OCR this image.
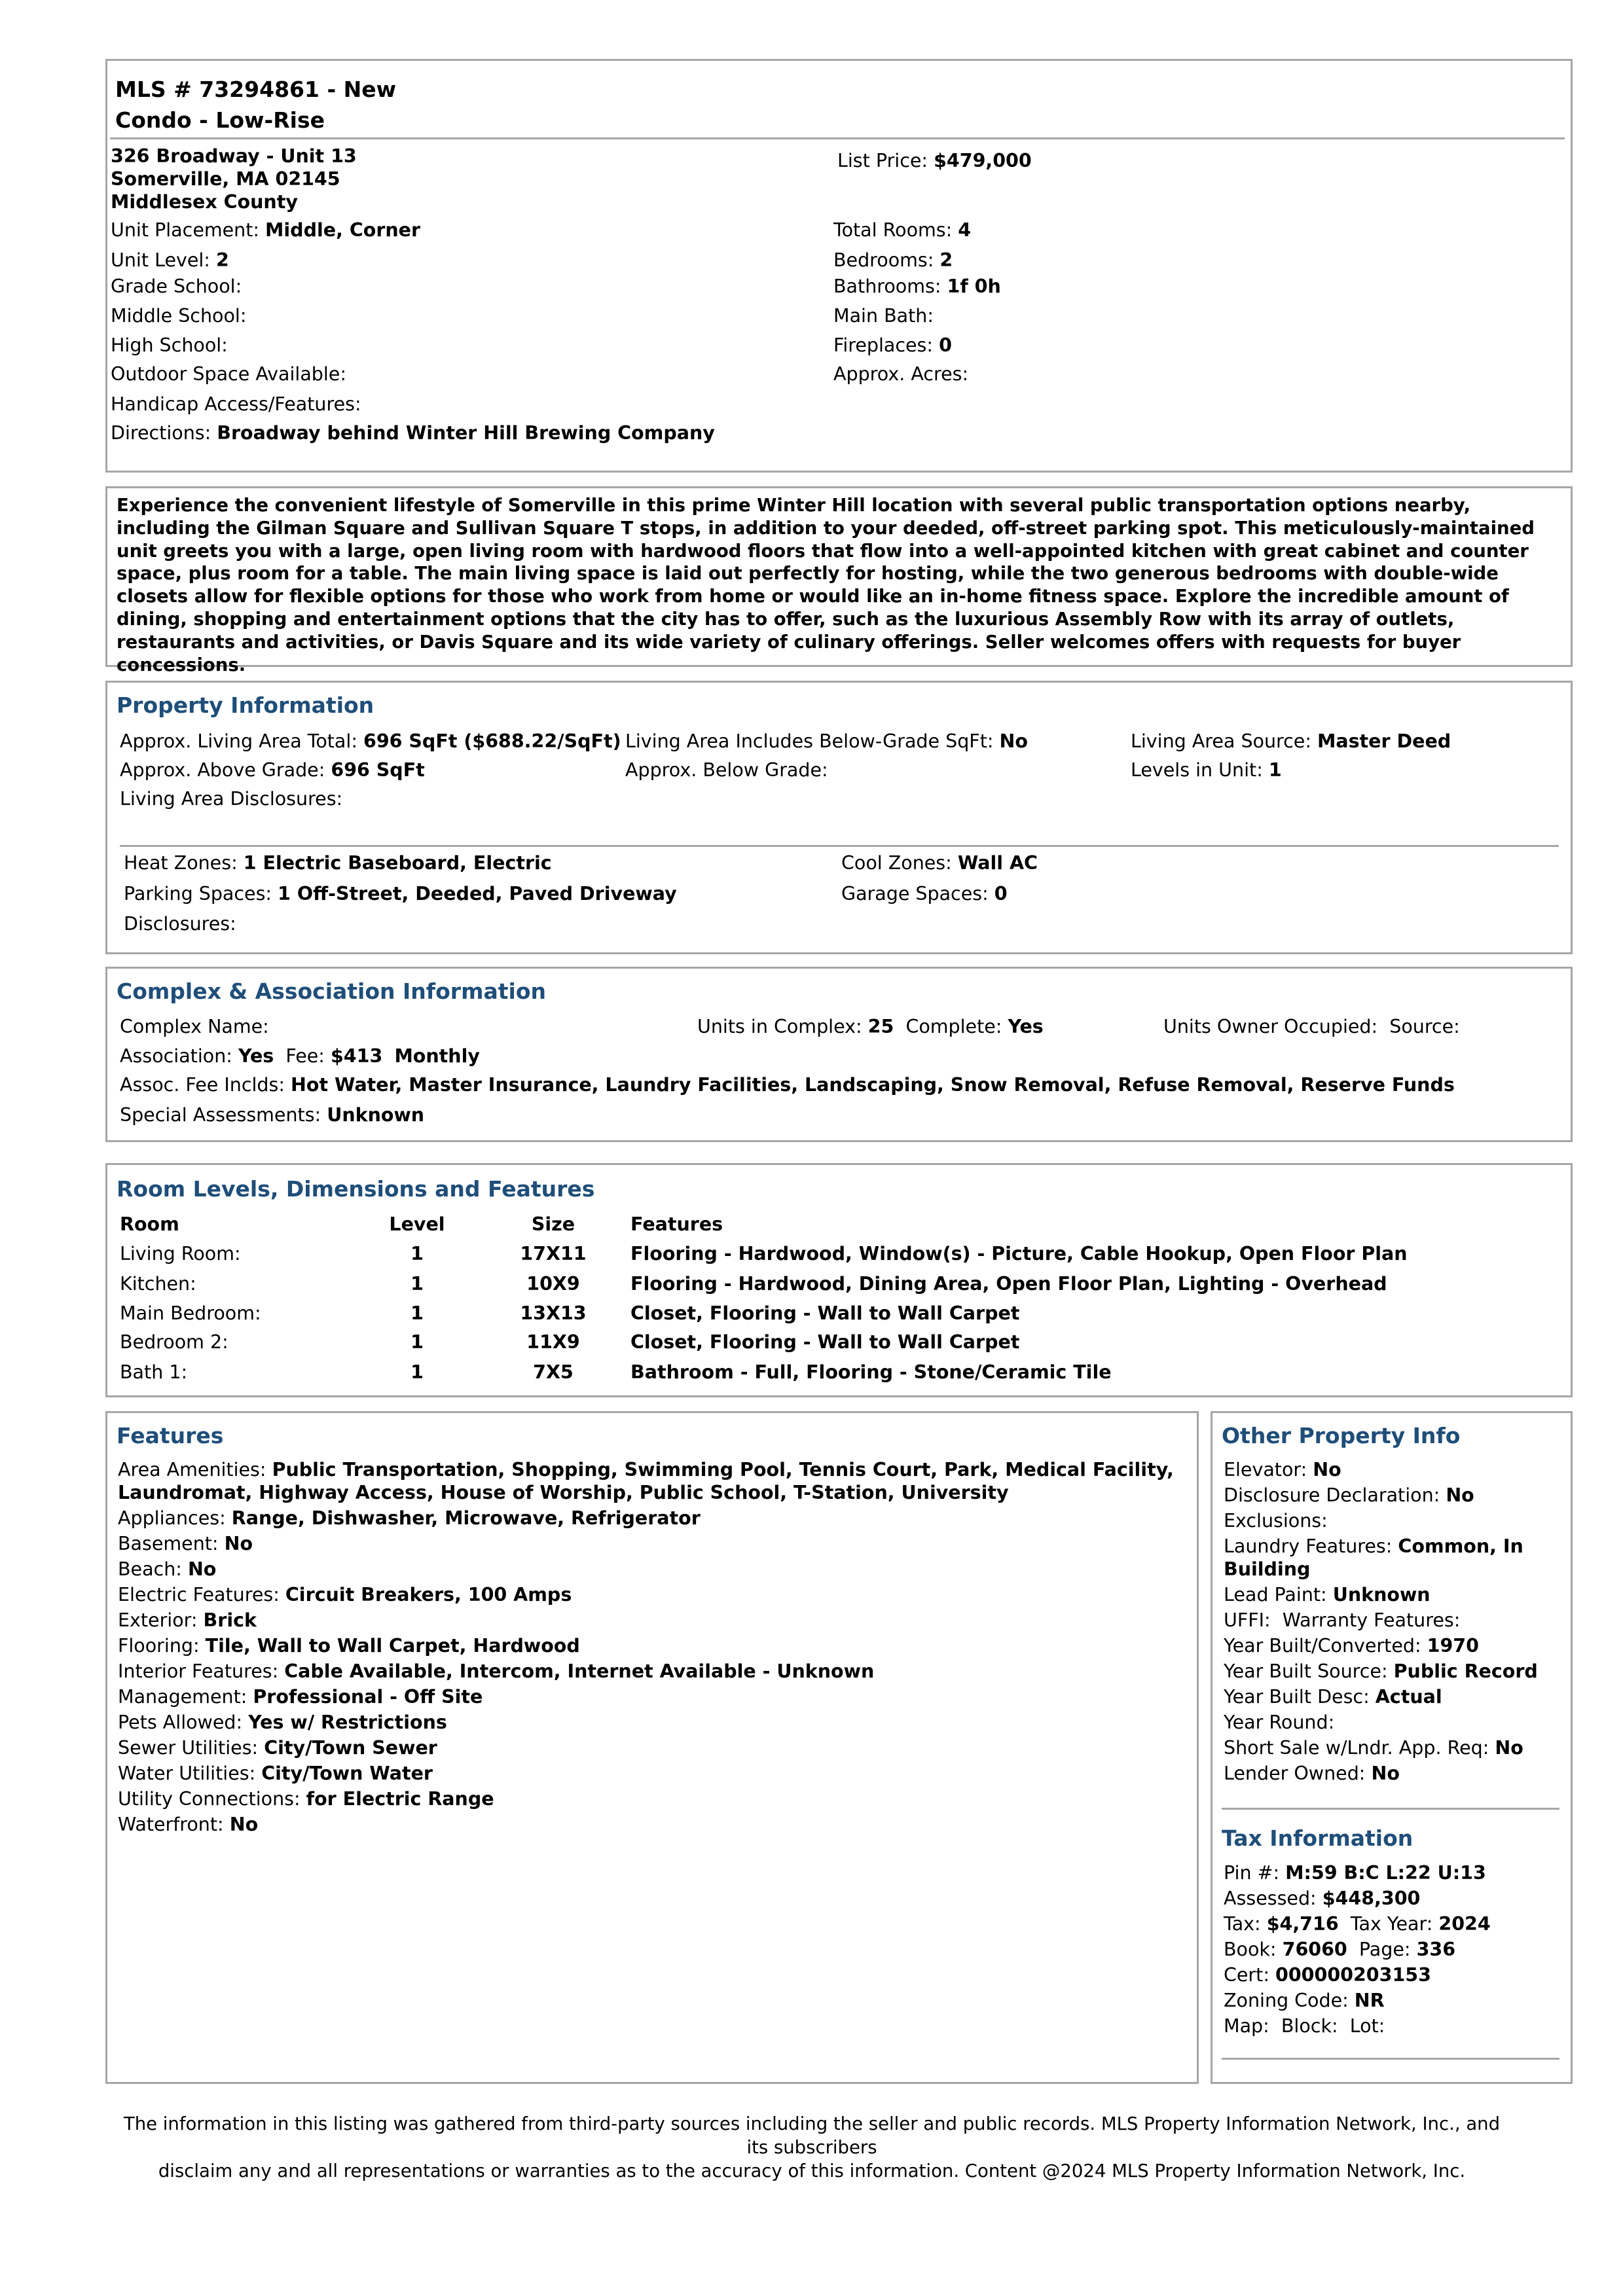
MLS # 73294861 - New
Condo - Low-Rise
326 Broadway - Unit 13
Somerville, MA 02145
Middlesex County
List Price: $479,000
Unit Placement: Middle, Corner
Unit Level: 2
Grade School:
Middle School:
High School:
Outdoor Space Available:
Handicap Access/Features:
Directions: Broadway behind Winter Hill Brewing Company
Total Rooms: 4
Bedrooms: 2
Bathrooms: 1f 0h
Main Bath:
Fireplaces: 0
Approx. Acres:
Experience the convenient lifestyle of Somerville in this prime Winter Hill location with several public transportation options nearby, including the Gilman Square and Sullivan Square T stops, in addition to your deeded, off-street parking spot. This meticulously-maintained unit greets you with a large, open living room with hardwood floors that flow into a well-appointed kitchen with great cabinet and counter space, plus room for a table. The main living space is laid out perfectly for hosting, while the two generous bedrooms with double-wide closets allow for flexible options for those who work from home or would like an in-home fitness space. Explore the incredible amount of dining, shopping and entertainment options that the city has to offer, such as the luxurious Assembly Row with its array of outlets, restaurants and activities, or Davis Square and its wide variety of culinary offerings. Seller welcomes offers with requests for buyer concessions.
Property Information
Approx. Living Area Total: 696 SqFt ($688.22/SqFt) Living Area Includes Below-Grade SqFt: No	Living Area Source: Master Deed
Approx. Above Grade: 696 SqFt	Approx. Below Grade:	Levels in Unit: 1
Living Area Disclosures:
Heat Zones: 1 Electric Baseboard, Electric	Cool Zones: Wall AC
Parking Spaces: 1 Off-Street, Deeded, Paved Driveway	Garage Spaces: 0
Disclosures:
Complex & Association Information
Complex Name:	Units in Complex: 25 Complete: Yes	Units Owner Occupied: Source:
Association: Yes Fee: $413 Monthly
Assoc. Fee Inclds: Hot Water, Master Insurance, Laundry Facilities, Landscaping, Snow Removal, Refuse Removal, Reserve Funds
Special Assessments: Unknown
Room Levels, Dimensions and Features
Room	Level	Size	Features
Living Room:	1	17X11	Flooring - Hardwood, Window(s) - Picture, Cable Hookup, Open Floor Plan
Kitchen:	1	10X9	Flooring - Hardwood, Dining Area, Open Floor Plan, Lighting - Overhead
Main Bedroom:	1	13X13	Closet, Flooring - Wall to Wall Carpet
Bedroom 2:	1	11X9	Closet, Flooring - Wall to Wall Carpet
Bath 1:	1	7X5	Bathroom - Full, Flooring - Stone/Ceramic Tile
Features
Area Amenities: Public Transportation, Shopping, Swimming Pool, Tennis Court, Park, Medical Facility,
Laundromat, Highway Access, House of Worship, Public School, T-Station, University
Appliances: Range, Dishwasher, Microwave, Refrigerator
Basement: No
Beach: No
Electric Features: Circuit Breakers, 100 Amps
Exterior: Brick
Flooring: Tile, Wall to Wall Carpet, Hardwood
Interior Features: Cable Available, Intercom, Internet Available - Unknown
Management: Professional - Off Site
Pets Allowed: Yes w/ Restrictions
Sewer Utilities: City/Town Sewer
Water Utilities: City/Town Water
Utility Connections: for Electric Range
Waterfront: No
Other Property Info
Elevator: No
Disclosure Declaration: No
Exclusions:
Laundry Features: Common, In
Building
Lead Paint: Unknown
UFFI: Warranty Features:
Year Built/Converted: 1970
Year Built Source: Public Record
Year Built Desc: Actual
Year Round:
Short Sale w/Lndr. App. Req: No
Lender Owned: No
Tax Information
Pin #: M:59 B:C L:22 U:13
Assessed: $448,300
Tax: $4,716 Tax Year: 2024
Book: 76060 Page: 336
Cert: 000000203153
Zoning Code: NR
Map: Block: Lot:
The information in this listing was gathered from third-party sources including the seller and public records. MLS Property Information Network, Inc., and its subscribers
disclaim any and all representations or warranties as to the accuracy of this information. Content @2024 MLS Property Information Network, Inc.
